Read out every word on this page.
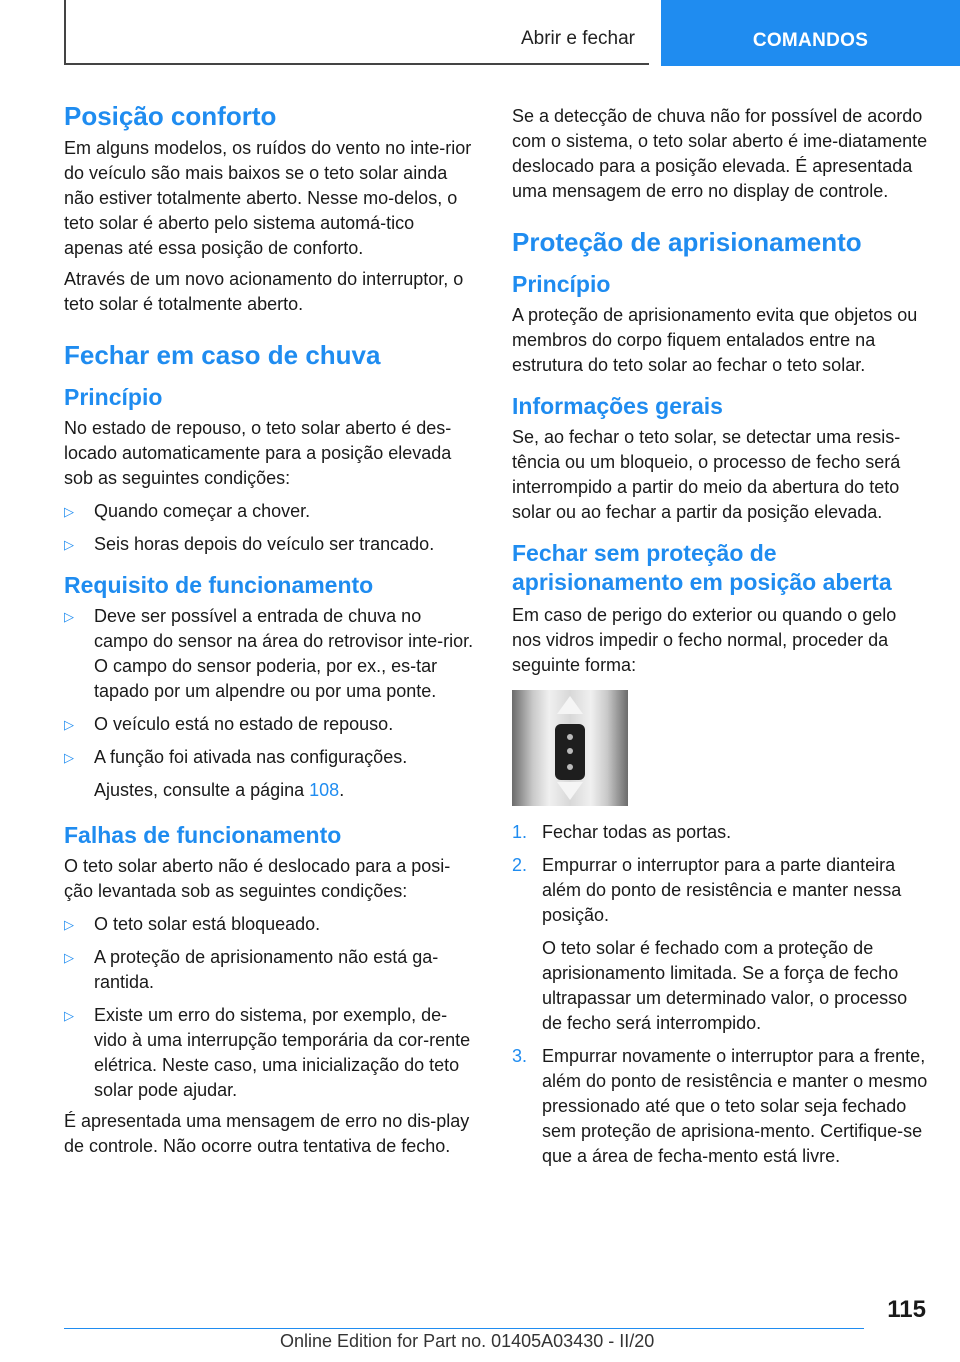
Abrir e fechar	COMANDOS
Posição conforto

Em alguns modelos, os ruídos do vento no inte-rior do veículo são mais baixos se o teto solar ainda não estiver totalmente aberto. Nesse mo-delos, o teto solar é aberto pelo sistema automá-tico apenas até essa posição de conforto.

Através de um novo acionamento do interruptor, o teto solar é totalmente aberto.

Fechar em caso de chuva
Princípio

No estado de repouso, o teto solar aberto é des-locado automaticamente para a posição elevada sob as seguintes condições:

▷ Quando começar a chover.
▷ Seis horas depois do veículo ser trancado.
Requisito de funcionamento
▷ Deve ser possível a entrada de chuva no campo do sensor na área do retrovisor inte-rior. O campo do sensor poderia, por ex., es-tar tapado por um alpendre ou por uma ponte.
▷ O veículo está no estado de repouso.
▷ A função foi ativada nas configurações.

Ajustes, consulte a página 108.

Falhas de funcionamento

O teto solar aberto não é deslocado para a posi-ção levantada sob as seguintes condições:

▷ O teto solar está bloqueado.
▷ A proteção de aprisionamento não está ga-rantida.
▷ Existe um erro do sistema, por exemplo, de-vido à uma interrupção temporária da cor-rente elétrica. Neste caso, uma inicialização do teto solar pode ajudar.

É apresentada uma mensagem de erro no dis-play de controle. Não ocorre outra tentativa de fecho.

Se a detecção de chuva não for possível de acordo com o sistema, o teto solar aberto é ime-diatamente deslocado para a posição elevada. É apresentada uma mensagem de erro no display de controle.

Proteção de aprisionamento
Princípio

A proteção de aprisionamento evita que objetos ou membros do corpo fiquem entalados entre na estrutura do teto solar ao fechar o teto solar.

Informações gerais

Se, ao fechar o teto solar, se detectar uma resis-tência ou um bloqueio, o processo de fecho será interrompido a partir do meio da abertura do teto solar ou ao fechar a partir da posição elevada.

Fechar sem proteção de aprisionamento em posição aberta

Em caso de perigo do exterior ou quando o gelo nos vidros impedir o fecho normal, proceder da seguinte forma:

1. Fechar todas as portas.
2. Empurrar o interruptor para a parte dianteira além do ponto de resistência e manter nessa posição.

O teto solar é fechado com a proteção de aprisionamento limitada. Se a força de fecho ultrapassar um determinado valor, o processo de fecho será interrompido.

3. Empurrar novamente o interruptor para a frente, além do ponto de resistência e manter o mesmo pressionado até que o teto solar seja fechado sem proteção de aprisiona-mento. Certifique-se que a área de fecha-mento está livre.
115
Online Edition for Part no. 01405A03430 - II/20
